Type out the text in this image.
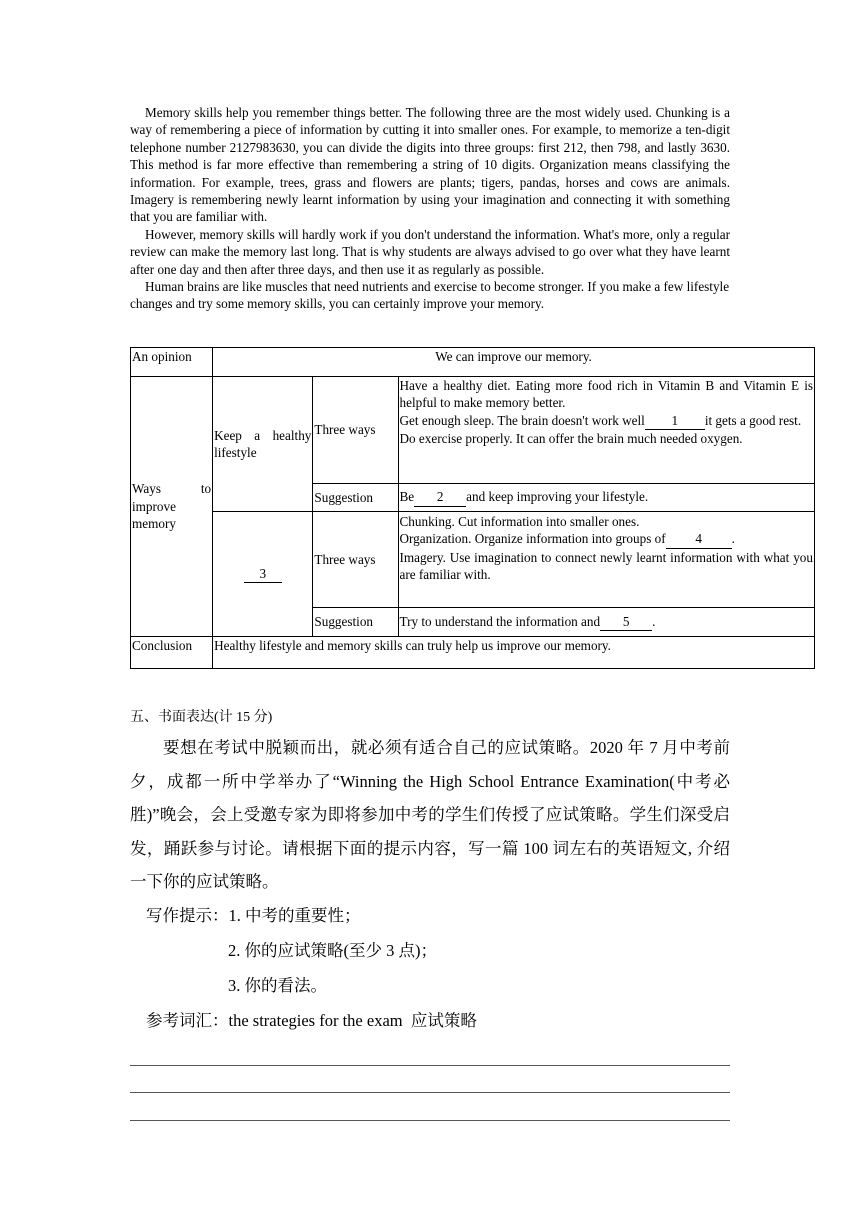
Memory skills help you remember things better. The following three are the most widely used. Chunking is a way of remembering a piece of information by cutting it into smaller ones. For example, to memorize a ten-digit telephone number 2127983630, you can divide the digits into three groups: first 212, then 798, and lastly 3630. This method is far more effective than remembering a string of 10 digits. Organization means classifying the information. For example, trees, grass and flowers are plants; tigers, pandas, horses and cows are animals. Imagery is remembering newly learnt information by using your imagination and connecting it with something that you are familiar with.

However, memory skills will hardly work if you don't understand the information. What's more, only a regular review can make the memory last long. That is why students are always advised to go over what they have learnt after one day and then after three days, and then use it as regularly as possible.

Human brains are like muscles that need nutrients and exercise to become stronger. If you make a few lifestyle changes and try some memory skills, you can certainly improve your memory.

An opinion	We can improve our memory.		
Ways to improve memory	Keep a healthy lifestyle	Three ways	Have a healthy diet. Eating more food rich in Vitamin B and Vitamin E is helpful to make memory better.
Get enough sleep. The brain doesn't work well 1 it gets a good rest.
Do exercise properly. It can offer the brain much needed oxygen.

		Suggestion	Be 2 and keep improving your lifestyle.
	3	Three ways	Chunking. Cut information into smaller ones.
Organization. Organize information into groups of 4 .
Imagery. Use imagination to connect newly learnt information with what you are familiar with.

		Suggestion	Try to understand the information and 5 .
Conclusion	Healthy lifestyle and memory skills can truly help us improve our memory.		
五、书面表达(计 15 分)
要想在考试中脱颖而出，就必须有适合自己的应试策略。2020 年 7 月中考前夕，成都一所中学举办了“Winning the High School Entrance Examination(中考必胜)”晚会，会上受邀专家为即将参加中考的学生们传授了应试策略。学生们深受启发，踊跃参与讨论。请根据下面的提示内容，写一篇 100 词左右的英语短文, 介绍一下你的应试策略。
写作提示：1. 中考的重要性；
2. 你的应试策略(至少 3 点)；
3. 你的看法。
参考词汇：the strategies for the exam 应试策略
